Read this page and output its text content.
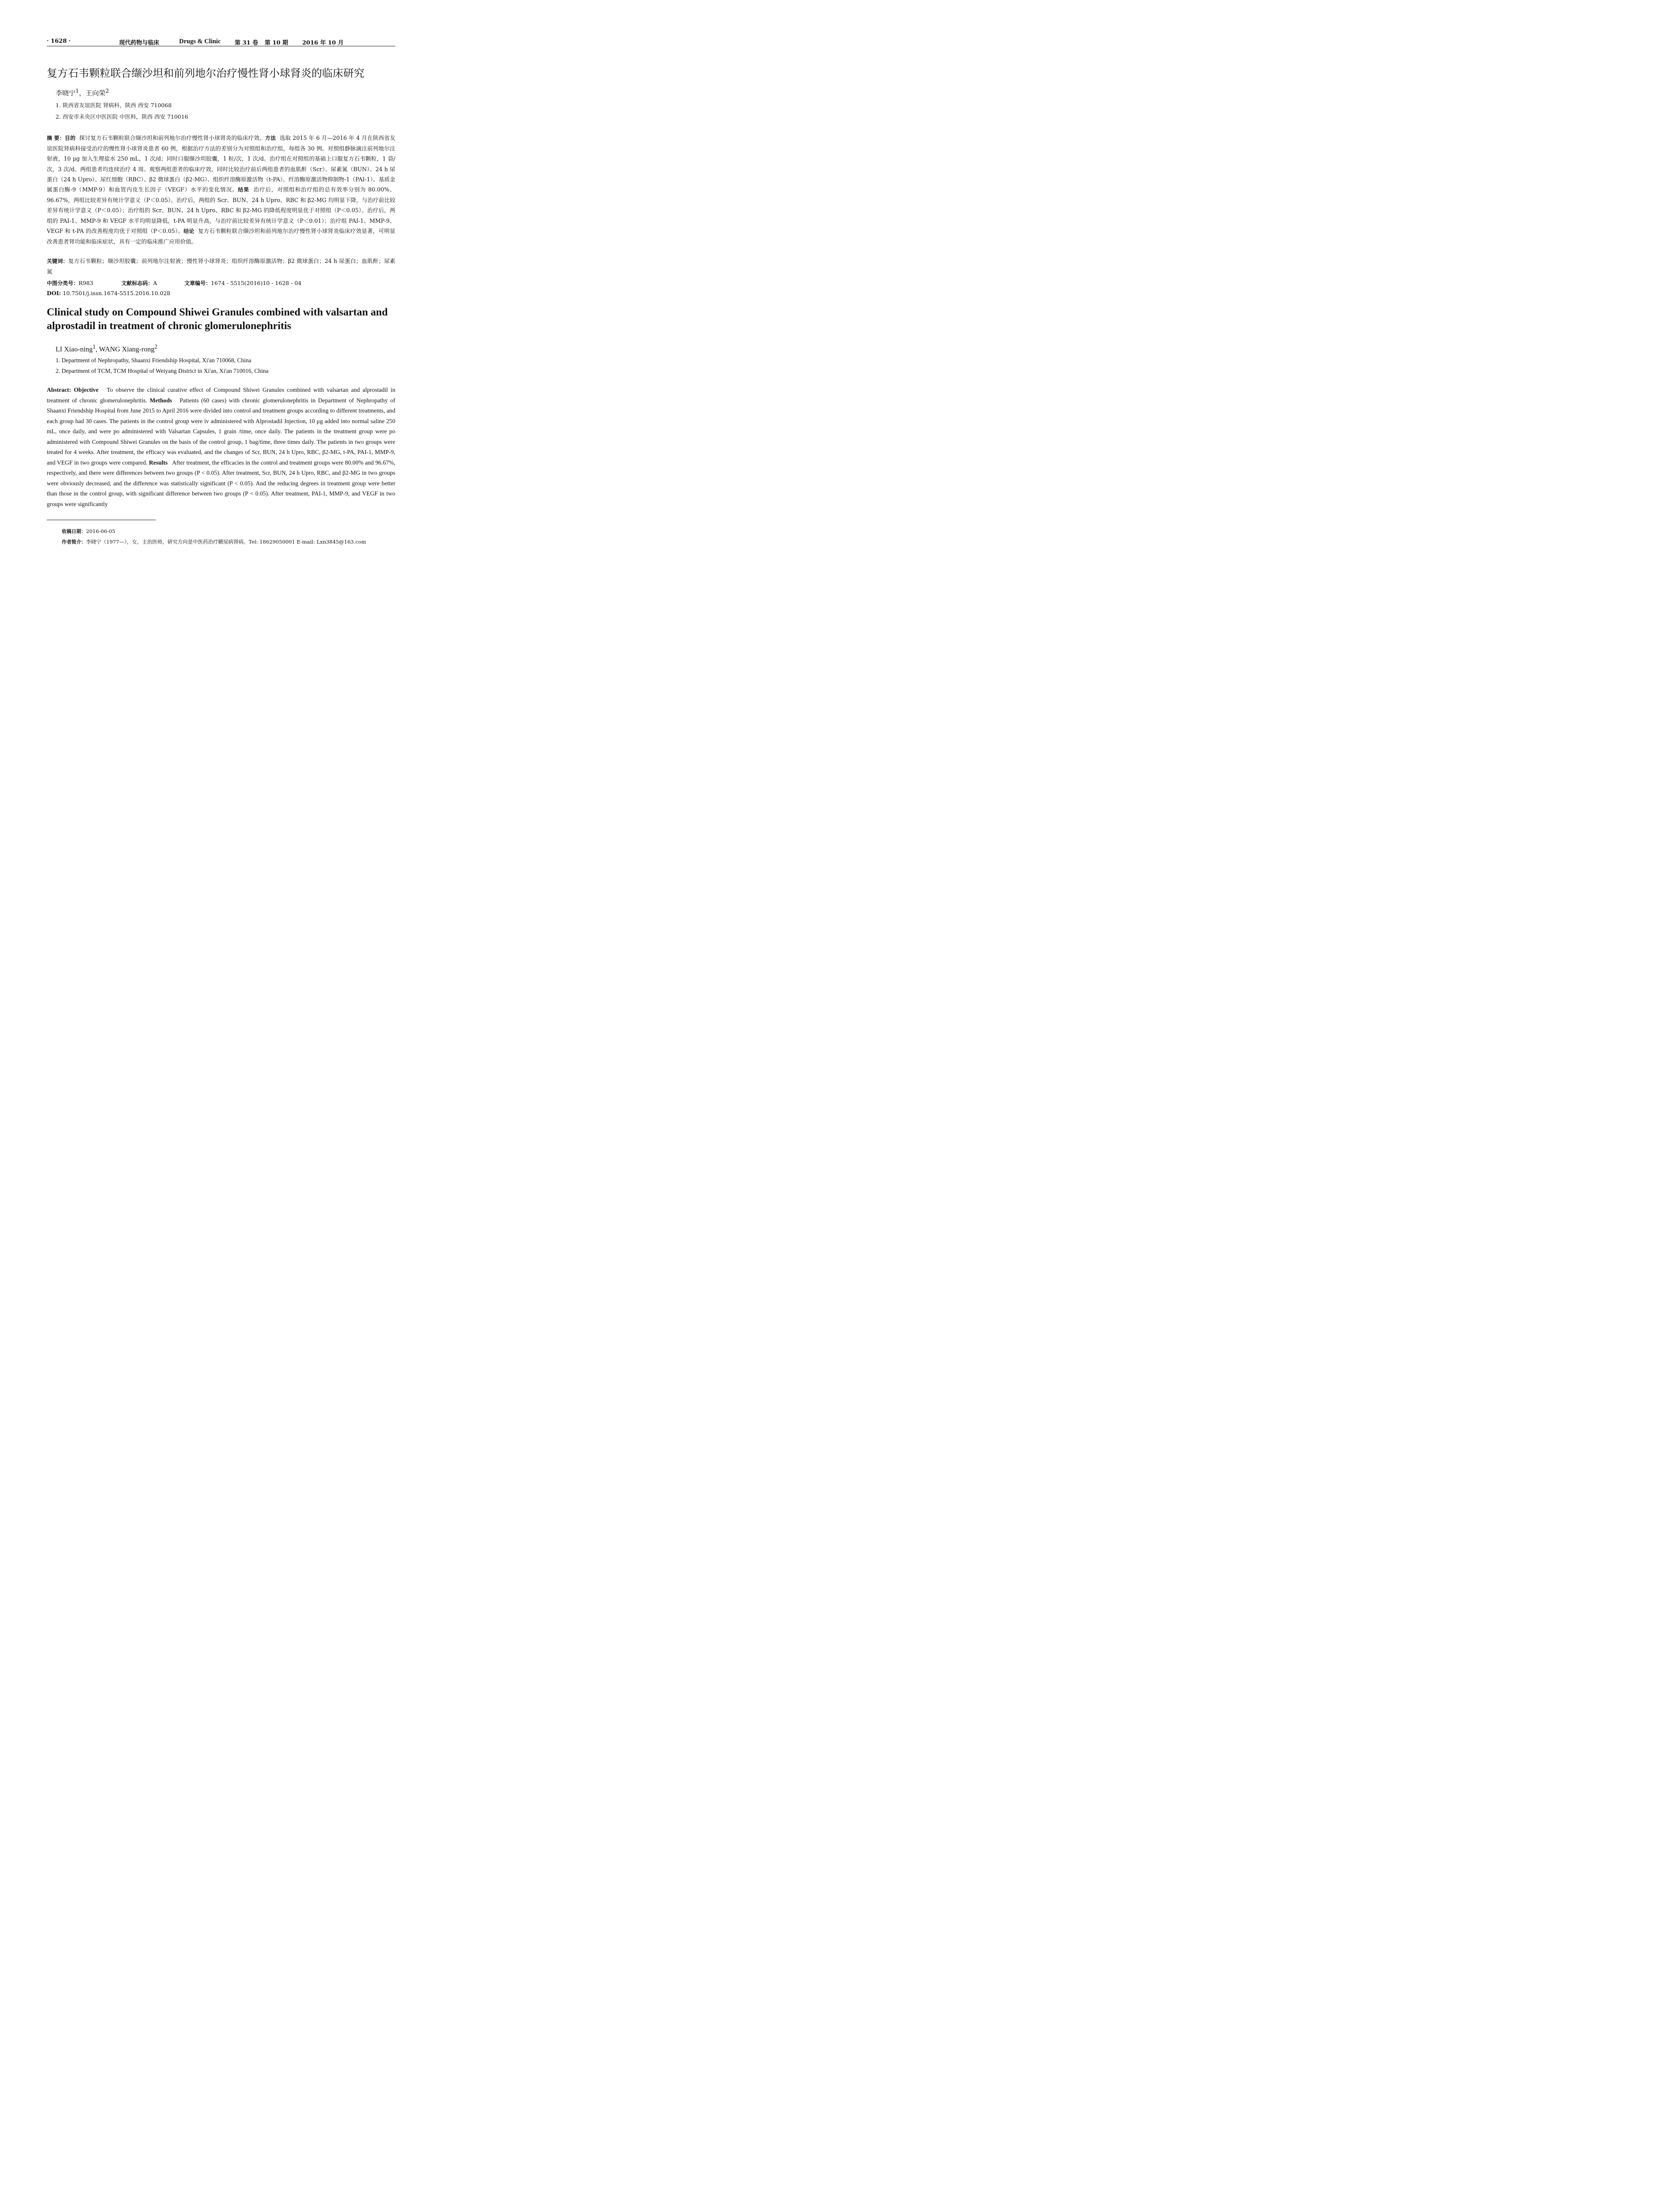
· 1628 ·	现代药物与临床	Drugs & Clinic 第 31 卷 第 10 期 2016 年 10 月
复方石韦颗粒联合缬沙坦和前列地尔治疗慢性肾小球肾炎的临床研究
李晓宁$^1$，王向荣$^2$
1. 陕西省友谊医院 肾病科，陕西 西安 710068
2. 西安市未央区中医医院 中医科，陕西 西安 710016
摘 要：目的 探讨复方石韦颗粒联合缬沙坦和前列地尔治疗慢性肾小球肾炎的临床疗效。方法 选取 2015 年 6 月—2016 年 4 月在陕西省友谊医院肾病科接受治疗的慢性肾小球肾炎患者 60 例，根据治疗方法的差别分为对照组和治疗组，每组各 30 例。对照组静脉滴注前列地尔注射液，10 μg 加入生理盐水 250 mL，1 次/d；同时口服缬沙坦胶囊，1 粒/次，1 次/d。治疗组在对照组的基础上口服复方石韦颗粒，1 袋/次，3 次/d。两组患者均连续治疗 4 周。观察两组患者的临床疗效，同时比较治疗前后两组患者的血肌酐（Scr）、尿素氮（BUN）、24 h 尿蛋白（24 h Upro）、尿红细胞（RBC）、β2 微球蛋白（β2-MG）、组织纤溶酶原激活物（t-PA）、纤溶酶原激活物抑制物-1（PAI-1）、基质金属蛋白酶-9（MMP-9）和血管内皮生长因子（VEGF）水平的变化情况。结果 治疗后，对照组和治疗组的总有效率分别为 80.00%、96.67%，两组比较差异有统计学意义（P＜0.05）。治疗后，两组的 Scr、BUN、24 h Upro、RBC 和 β2-MG 均明显下降，与治疗前比较差异有统计学意义（P＜0.05）；治疗组的 Scr、BUN、24 h Upro、RBC 和 β2-MG 的降低程度明显优于对照组（P＜0.05）。治疗后，两组的 PAI-1、MMP-9 和 VEGF 水平均明显降低，t-PA 明显升高，与治疗前比较差异有统计学意义（P＜0.01）；治疗组 PAI-1、MMP-9、VEGF 和 t-PA 的改善程度均优于对照组（P＜0.05）。结论 复方石韦颗粒联合缬沙坦和前列地尔治疗慢性肾小球肾炎临床疗效显著，可明显改善患者肾功能和临床症状，具有一定的临床推广应用价值。
关键词：复方石韦颗粒；缬沙坦胶囊；前列地尔注射液；慢性肾小球肾炎；组织纤溶酶原激活物；β2 微球蛋白；24 h 尿蛋白；血肌酐；尿素氮
中图分类号：R983	文献标志码：A	文章编号：1674 - 5515(2016)10 - 1628 - 04
DOI: 10.7501/j.issn.1674-5515.2016.10.028
Clinical study on Compound Shiwei Granules combined with valsartan and alprostadil in treatment of chronic glomerulonephritis
LI Xiao-ning$^1$, WANG Xiang-rong$^2$
1. Department of Nephropathy, Shaanxi Friendship Hospital, Xi'an 710068, China
2. Department of TCM, TCM Hospital of Weiyang District in Xi'an, Xi'an 710016, China
Abstract: Objective To observe the clinical curative effect of Compound Shiwei Granules combined with valsartan and alprostadil in treatment of chronic glomerulonephritis. Methods Patients (60 cases) with chronic glomerulonephritis in Department of Nephropathy of Shaanxi Friendship Hospital from June 2015 to April 2016 were divided into control and treatment groups according to different treatments, and each group had 30 cases. The patients in the control group were iv administered with Alprostadil Injection, 10 μg added into normal saline 250 mL, once daily, and were po administered with Valsartan Capsules, 1 grain /time, once daily. The patients in the treatment group were po administered with Compound Shiwei Granules on the basis of the control group, 1 bag/time, three times daily. The patients in two groups were treated for 4 weeks. After treatment, the efficacy was evaluated, and the changes of Scr, BUN, 24 h Upro, RBC, β2-MG, t-PA, PAI-1, MMP-9, and VEGF in two groups were compared. Results After treatment, the efficacies in the control and treatment groups were 80.00% and 96.67%, respectively, and there were differences between two groups (P < 0.05). After treatment, Scr, BUN, 24 h Upro, RBC, and β2-MG in two groups were obviously decreased, and the difference was statistically significant (P < 0.05). And the reducing degrees in treatment group were better than those in the control group, with significant difference between two groups (P < 0.05). After treatment, PAI-1, MMP-9, and VEGF in two groups were significantly
收稿日期：2016-06-05
作者简介：李晓宁（1977—），女，主治医师，研究方向是中医药治疗糖尿病肾病。Tel: 18629050001 E-mail: Lxn3845@163.com
